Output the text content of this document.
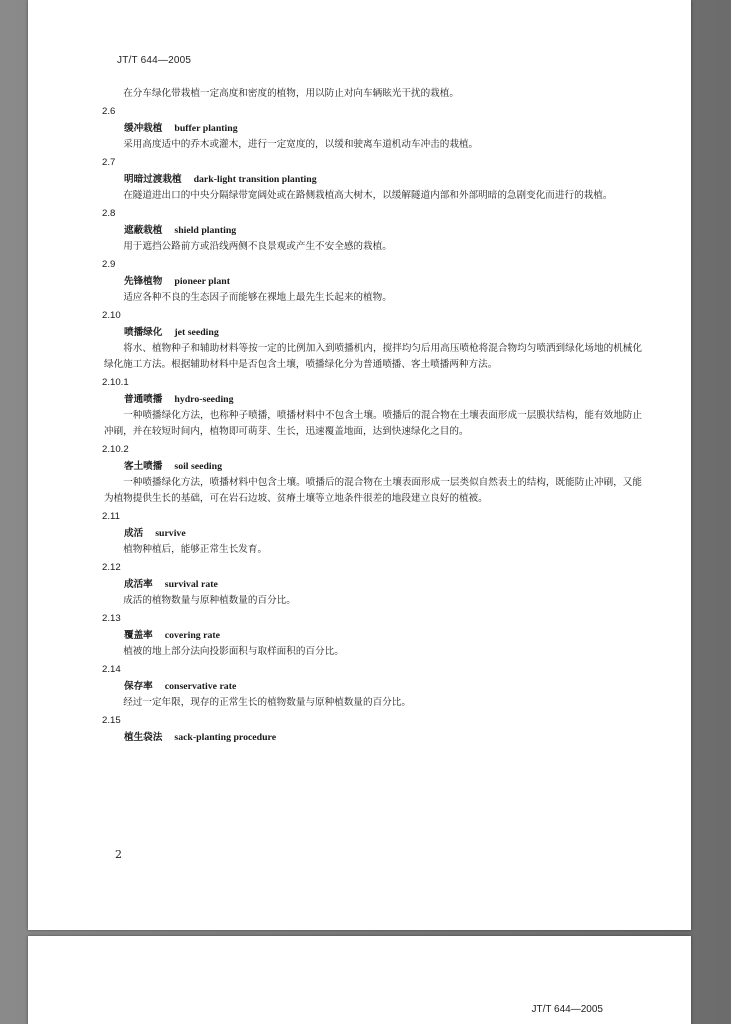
JT/T 644—2005

在分车绿化带栽植一定高度和密度的植物，用以防止对向车辆眩光干扰的栽植。

2.6
缓冲栽植 buffer planting

采用高度适中的乔木或灌木，进行一定宽度的，以缓和驶离车道机动车冲击的栽植。

2.7
明暗过渡栽植 dark-light transition planting

在隧道进出口的中央分隔绿带宽阔处或在路侧栽植高大树木，以缓解隧道内部和外部明暗的急剧变化而进行的栽植。

2.8
遮蔽栽植 shield planting

用于遮挡公路前方或沿线两侧不良景观或产生不安全感的栽植。

2.9
先锋植物 pioneer plant

适应各种不良的生态因子而能够在裸地上最先生长起来的植物。

2.10
喷播绿化 jet seeding

将水、植物种子和辅助材料等按一定的比例加入到喷播机内，搅拌均匀后用高压喷枪将混合物均匀喷洒到绿化场地的机械化绿化施工方法。根据辅助材料中是否包含土壤，喷播绿化分为普通喷播、客土喷播两种方法。

2.10.1
普通喷播 hydro-seeding

一种喷播绿化方法，也称种子喷播，喷播材料中不包含土壤。喷播后的混合物在土壤表面形成一层膜状结构，能有效地防止冲刷，并在较短时间内，植物即可萌芽、生长，迅速覆盖地面，达到快速绿化之目的。

2.10.2
客土喷播 soil seeding

一种喷播绿化方法，喷播材料中包含土壤。喷播后的混合物在土壤表面形成一层类似自然表土的结构，既能防止冲刷，又能为植物提供生长的基础，可在岩石边坡、贫瘠土壤等立地条件很差的地段建立良好的植被。

2.11
成活 survive

植物种植后，能够正常生长发育。

2.12
成活率 survival rate

成活的植物数量与原种植数量的百分比。

2.13
覆盖率 covering rate

植被的地上部分法向投影面积与取样面积的百分比。

2.14
保存率 conservative rate

经过一定年限，现存的正常生长的植物数量与原种植数量的百分比。

2.15
植生袋法 sack-planting procedure
2
JT/T 644—2005
